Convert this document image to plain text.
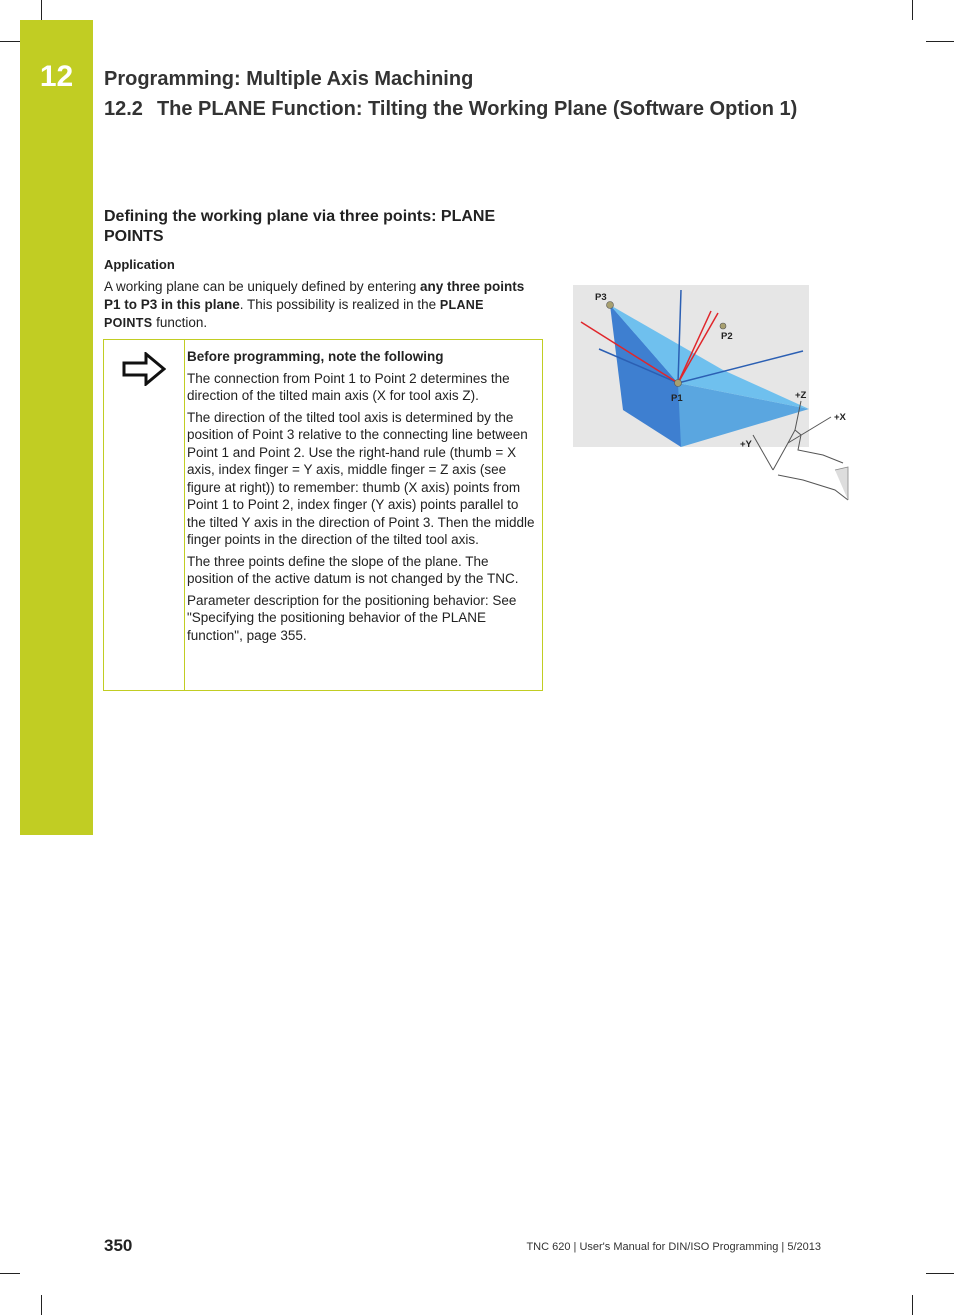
12	Programming: Multiple Axis Machining
12.2 The PLANE Function: Tilting the Working Plane (Software Option 1)
Defining the working plane via three points: PLANE POINTS
Application
A working plane can be uniquely defined by entering any three points P1 to P3 in this plane. This possibility is realized in the PLANE POINTS function.

Before programming, note the following

The connection from Point 1 to Point 2 determines the direction of the tilted main axis (X for tool axis Z).

The direction of the tilted tool axis is determined by the position of Point 3 relative to the connecting line between Point 1 and Point 2. Use the right-hand rule (thumb = X axis, index finger = Y axis, middle finger = Z axis (see figure at right)) to remember: thumb (X axis) points from Point 1 to Point 2, index finger (Y axis) points parallel to the tilted Y axis in the direction of Point 3. Then the middle finger points in the direction of the tilted tool axis.

The three points define the slope of the plane. The position of the active datum is not changed by the TNC.

Parameter description for the positioning behavior: See "Specifying the positioning behavior of the PLANE function", page 355.

P3
P2
P1	+Z
+X
+Y
350	TNC 620 | User's Manual for DIN/ISO Programming | 5/2013
